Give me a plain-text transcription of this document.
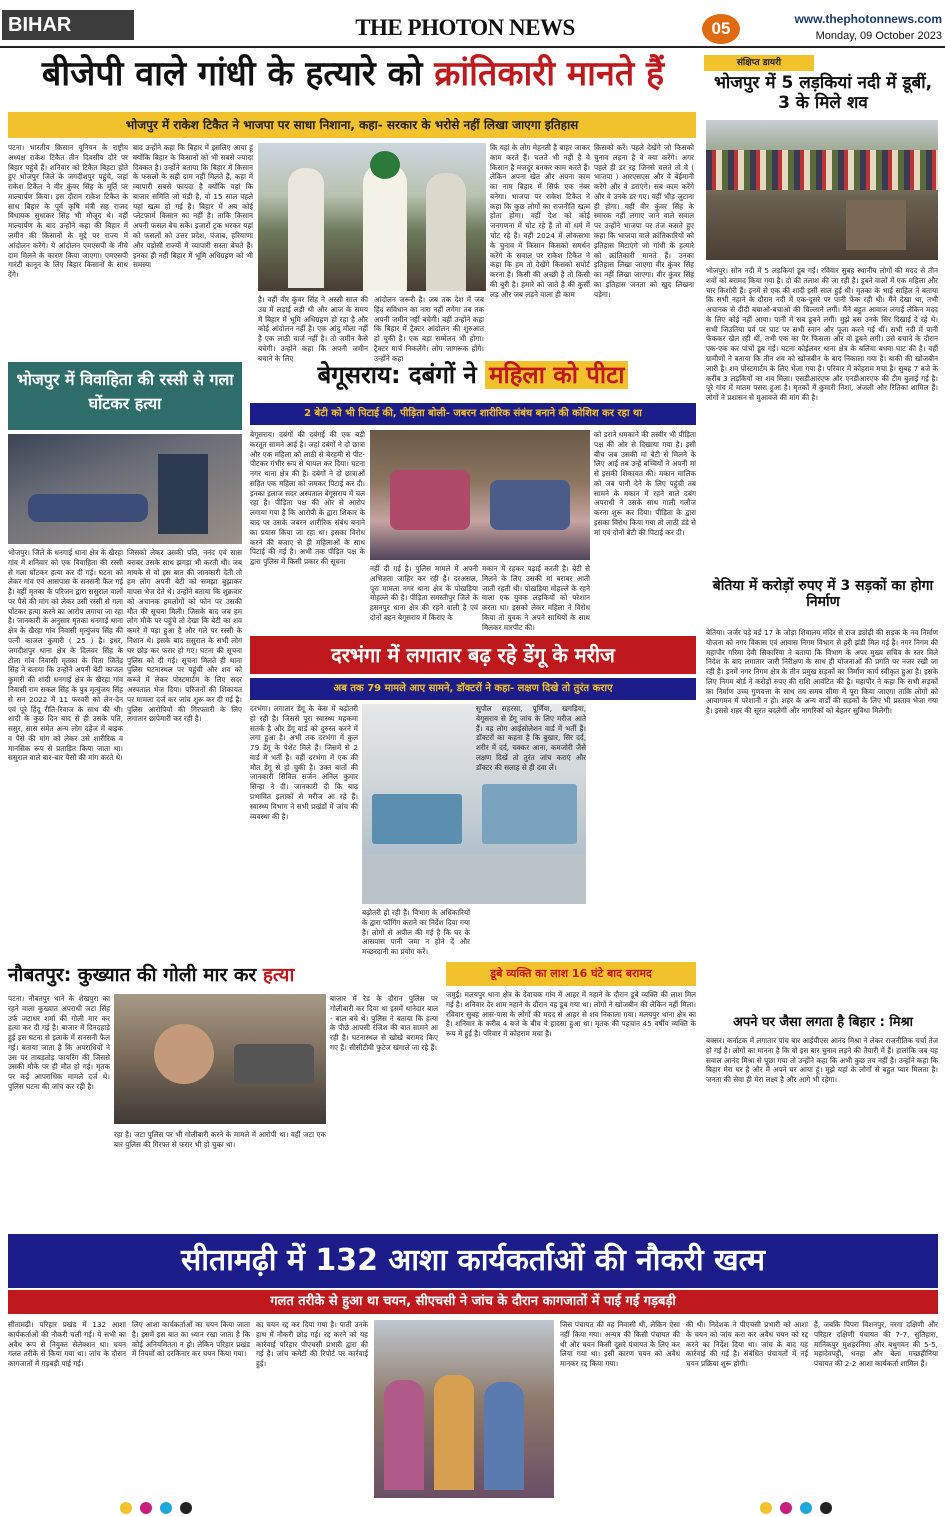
BIHAR	THE PHOTON NEWS	05	www.thephotonnews.com
Monday, 09 October 2023
बीजेपी वाले गांधी के हत्यारे को क्रांतिकारी मानते हैं
भोजपुर में राकेश टिकैत ने भाजपा पर साधा निशाना, कहा- सरकार के भरोसे नहीं लिखा जाएगा इतिहास
पटना। भारतीय किसान यूनियन के राष्ट्रीय अध्यक्ष राकेश टिकैत तीन दिवसीय दौरे पर बिहार पहुंचे हैं। शनिवार को टिकैत बिहटा होते हुए भोजपुर जिले के जगदीशपुर पहुंचे, जहां राकेश टिकैत ने वीर कुंवर सिंह के मूर्ति पर माल्यार्पण किया। इस दौरान राकेश टिकैत के साथ बिहार के पूर्व कृषि मंत्री सह राजद विधायक सुधाकर सिंह भी मौजूद थे। वहीं माल्यार्पण के बाद उन्होंने कहा की बिहार में जमीन की किसानों के मुद्दे पर राज्य में आंदोलन करेंगे। ये आंदोलन एमएसपी के नीचे दाम मिलने के कारण किया जाएगा। एमएसपी गारंटी कानून के लिए बिहार किसानों के साथ देंगे।
बाद उन्होंने कहा कि बिहार में इसलिए आया हूं क्योंकि बिहार के किसानों को भी सबसे ज्यादा दिक्कत है। उन्होंने बताया कि बिहार में किसान के फसलों के सही दाम नहीं मिलते हैं, कहा में व्यापारी सबसे फायदा है क्योंकि यहां कि बाजार समिति जो मंडी है, वो 15 साल पहले यहां खत्म हो गई है। बिहार में अब कोई प्लेटफार्म किसान का नहीं है। ताकि किसान अपनी फसल बेच सकें। इजारों ट्रक भरकर यहां को फसलों को उत्तर प्रदेश, पंजाब, हरियाणा और पड़ोसी राज्यों में व्यापारी सस्ता बेचते हैं। इनका ही नहीं बिहार में भूमि अधिग्रहण को भी समस्या
है। वहीं वीर कुंवर सिंह ने अस्सी साल की उम्र में लड़ाई लड़ी थी और आज के समय में बिहार में भूमि अधिग्रहण हो रहा है और कोई आंदोलन नहीं है। एक आंदु मौला नहीं है एक लाठी चार्ज नहीं है। तो जमीन कैसे बचेगी। उन्होंने कहा कि अपनी जमीन बचाने के लिए
आंदोलन जरूरी है। जब तक देश में जब हिंद सविधान का नारा नहीं लगेगा तब तक अपनी जमीन नहीं बचेगी। वहीं उन्होंने कहा कि बिहार में ट्रैक्टर आंदोलन की शुरुआत हो चुकी है। एक बड़ा सम्मेलन भी होगा। ट्रैक्टर मार्च निकलेंगे। लोग जागरूक होंगे। उन्होंने कहा
कि यहां के लोग मेहनती है बाहर जाकर काम करते हैं। चलते भी नहीं है वे किसान है मजदूर बनकर काम करते हैं। लेकिन अपना खेत और अपना काम का नाम बिहार में सिर्फ एक नंबर बनेगा। भाजपा पर राकेश टिकैत ने कहा कि कुछ लोगों का राजनीति खत्म होता होगा। वहीं देश को कोई जनगणना में चोट रहे हैं तो वो धर्म में चोट रहे हैं। वहीं 2024 में लोकसभा के चुनाव में किसान किसको समर्थन करेंगे के सवाल पर राकेश टिकैत ने कहा कि हम तो देखेंगे किसको सपोर्ट करना है। किसी की अच्छी है तो किसी की बुरी है। हमारे को जाते है की कुर्सी लड़ और जब लड़ने वाला ही काम
किसको करें। पहले देखेंगे जो किसको चुनाव लड़ना है वे क्या करेंगे। अगर पहले ही डर रह जिनसे चलते तो वे ( भाजपा ) आरएसएस और वे बेईमानी करेंगे और वे डराएंगे। सब काम करेंगे और वे उनके डर गए। वहीं भीड़ जुटाना ही होगा। वहीं वीर कुंवर सिंह के स्मारक नहीं लगाए जाने वाले सवाल पर उन्होंने भाजपा पर तंज कसते हुए कहा कि भाजपा वाले क्रांतिकारियों को इतिहास मिटाएंगे जो गांधी के हत्यारे को क्रांतिकारी मानते हैं। उनका इतिहास लिखा जाएगा वीर कुंवर सिंह का नहीं लिखा जाएगा। वीर कुंवर सिंह का इतिहास जनता को खुद लिखना पड़ेगा।
संक्षिप्त डायरी
भोजपुर में 5 लड़कियां नदी में डूबीं, 3 के मिले शव
भोजपुर। सोन नदी में 5 लड़कियां डूब गईं। रविवार सुबह स्थानीय लोगों की मदद से तीन शवों को बरामद किया गया है। दो की तलाश की जा रही है। डूबने वालों में एक महिला और चार किशोरी हैं। इनमें से एक की शादी इसी साल हुई थी। मृतका के भाई साहिल ने बताया कि सभी नहाने के दौरान नदी में एक-दूसरे पर पानी फेंक रही थी। मैंने देखा था, तभी अचानक से दीदी बचाओ-बचाओ की चिल्लाने लगीं। मैंने बहुत आवाज लगाई लेकिन मदद के लिए कोई नहीं आया। पानी में सब डूबने लगीं। मुझे बस उनके सिर दिखाई दे रहे थे। सभी जिउतिया पर्व पर घाट पर सभी स्नान और पूजा करने गई थीं। सभी नदी में पानी फेंककर खेल रही थीं, तभी एक का पैर फिसला और वो डूबने लगी। उसे बचाने के दौरान एक-एक कर पांचों डूब गईं। घटना कोईलवर थाना क्षेत्र के बलिया बधवा घाट की है। वहीं ग्रामीणों ने बताया कि तीन शव को खोजबीन के बाद निकाला गया है। बाकी की खोजबीन जारी है। शव पोस्टमार्टम के लिए भेजा गया है। परिवार में कोहराम मचा है। सुबह 7 बजे के करीब 3 लड़कियों का शव मिला। एसडीआरएफ और एनडीआरएफ की टीम बुलाई गई है। पूरे गांव में मातम पसरा हुआ है। मृतकों में कुमारी निशा, अंजली और रितिका शामिल हैं। लोगों ने प्रशासन से मुआवजे की मांग की है।
बेतिया में करोड़ों रुपए में 3 सड़कों का होगा निर्माण
बेतिया। जर्जर पड़े वर्ड 17 के जोड़ा शिवालय मंदिर से राज ड्योढ़ी की सड़क के नव निर्माण योजना को नगर विकास एवं आवास निगम विभाग से हरी झंडी मिल गई है। नगर निगम की महापौर गरिमा देवी सिकारिया ने बताया कि विभाग के अपर मुख्य सचिव के स्तर मिले निदेश के बाद लगातार जारी निरीक्षण के साथ ही योजनाओं की प्रगति पर नजर रखी जा रही है। इनमें नगर निगम क्षेत्र के तीन प्रमुख सड़कों का निर्माण कार्य स्वीकृत हुआ है। इसके लिए निगम बोर्ड ने करोड़ों रुपए की राशि आवंटित की है। महापौर ने कहा कि सभी सड़कों का निर्माण उच्च गुणवत्ता के साथ तय समय सीमा में पूरा किया जाएगा ताकि लोगों को आवागमन में परेशानी न हो। शहर के अन्य वार्डों की सड़कों के लिए भी प्रस्ताव भेजा गया है। इससे शहर की सूरत बदलेगी और नागरिकों को बेहतर सुविधा मिलेगी।
अपने घर जैसा लगता है बिहार : मिश्रा
बक्सर। कर्नाटक में लगातार पांच बार आईपीएस आनंद मिश्रा ने लेकर राजनीतिक चर्चा तेज हो गई है। लोगों का मानना है कि वो इस बार चुनाव लड़ने की तैयारी में हैं। हालांकि जब यह सवाल आनंद मिश्रा से पूछा गया तो उन्होंने कहा कि अभी कुछ तय नहीं है। उन्होंने कहा कि बिहार मेरा घर है और मैं अपने घर आया हूं। मुझे यहां के लोगों से बहुत प्यार मिलता है। जनता की सेवा ही मेरा लक्ष्य है और आगे भी रहेगा।
भोजपुर में विवाहिता की रस्सी से गला घोंटकर हत्या
भोजपुर। जिले के धनगाई थाना क्षेत्र के खैरहा गांव में शनिवार को एक विवाहिता की रस्सी से गला घोंटकर हत्या कर दी गई। घटना को लेकर गांव एवं आसपास के सनसनी फैल गई है। वहीं मृतका के परिजन द्वारा ससुराल वालों पर पैसे की मांग को लेकर उसी रस्सी से गला घोंटकर हत्या करने का आरोप लगाया जा रहा है। जानकारी के अनुसार मृतका धनगाई थाना क्षेत्र के खैरहा गांव निवासी मृत्युंजय सिंह की पत्नी काजल कुमारी ( 25 ) है। इधर, जगदीशपुर थाना क्षेत्र के दिलवर सिंह के टोला गांव निवासी मृतका के पिता जितेंद्र सिंह ने बताया कि उन्होंने अपनी बेटी काजल कुमारी की शादी धनगाई क्षेत्र के खैरहा गांव निवासी राम सकल सिंह के पुत्र मृत्युंजय सिंह से सन 2022 में 11 फरवरी को लेन-देन एवं पूरे हिंदू रीति-रिवाज के साथ की थी। शादी के कुछ दिन बाद से ही उसके पति, ससुर, सास समेत अन्य लोग दहेज में बाइक व पैसे की मांग को लेकर उसे शारीरिक व मानसिक रूप से प्रताड़ित किया जाता था। ससुराल वाले बार-बार पैसों की मांग करते थे।
जिसको लेकर उसकी पति, ननंद एवं सास बराबर उसके साथ झगड़ा भी करती थी। जब मायके से वो इस बात की जानकारी देती तो हम लोग अपनी बेटी को समझा बुझाकर वापस भेज देते थे। उन्होंने बताया कि शुक्रवार को अचानक हमलोगों को फोन पर उसकी मौत की सूचना मिली। जिसके बाद जब हम लोग मौके पर पहुंचे तो देखा कि बेटी का शव कमरे में पड़ा हुआ है और गले पर रस्सी के निशान थे। इसके बाद ससुराल के सभी लोग घर छोड़ कर फरार हो गए। घटना की सूचना पुलिस को दी गई। सूचना मिलते ही थाना पुलिस घटनास्थल पर पहुंची और शव को कब्जे में लेकर पोस्टमार्टम के लिए सदर अस्पताल भेज दिया। परिजनों की शिकायत पर मामला दर्ज कर जांच शुरू कर दी गई है। पुलिस आरोपियों की गिरफ्तारी के लिए लगातार छापेमारी कर रही है।
बेगूसराय: दबंगों ने महिला को पीटा
2 बेटी को भी पिटाई की, पीड़िता बोली- जबरन शारीरिक संबंध बनाने की कोशिश कर रहा था
बेगूसराय। दबंगों की दबंगई की एक बड़ी करतूत सामने आई है। जहां दबंगों ने दो छात्रा और एक महिला को लाठी से बेरहमी से पीट-पीटकर गंभीर रूप से घायल कर दिया। घटना नगर थाना क्षेत्र की है। दबंगों ने दो छात्राओं सहित एक महिला को जमकर पिटाई कर दी। इनका इलाज सदर अस्पताल बेगूसराय में चल रहा है। पीड़िता पक्ष की ओर से आरोप लगाया गया है कि आरोपी के द्वारा शिकार के बाद पर उसके जबरन शारीरिक संबंध बनाने का प्रयास किया जा रहा था। इसका विरोध करने की बजाए से ही महिलाओं के साथ पिटाई की गई है। अभी तक पीड़ित पक्ष के द्वारा पुलिस में किसी प्रकार की सूचना
नहीं दी गई है। पुलिस मामले में अपनी अभिज्ञता जाहिर कर रही है। दरअसल, पूरा मामला नगर थाना क्षेत्र के पोखड़िया मोहल्ले की है। पीड़िता समस्तीपुर जिले के हसनपुर थाना क्षेत्र की रहने वाली है एवं दोनों बहन बेगूसराय में किराए के
मकान में रहकर पढ़ाई करती है। बेटी से मिलने के लिए उसकी मां बराबर आती जाती रहती थी। पोखड़िया मोहल्ले के रहने वाला एक युवक लड़कियों को परेशान करता था। इसको लेकर महिला ने विरोध किया तो युवक ने अपने साथियों के साथ मिलकर मारपीट की।
को डराने धमकाने की तस्वीर भी पीड़िता पक्ष की ओर से दिखाया गया है। इसी बीच जब उसकी मां बेटी से मिलने के लिए आई तब उन्हें बच्चियों ने अपनी मां से इसकी शिकायत की। मकान मालिक को जब पानी देने के लिए पहुंची तब सामने के मकान में रहने वाले दबंग अपराधी ने उसके साथ गाली गलौज करना शुरू कर दिया। पीड़िता के द्वारा इसका विरोध किया गया तो लाठी डंडे से मां एवं दोनों बेटी की पिटाई कर दी।
दरभंगा में लगातार बढ़ रहे डेंगू के मरीज
अब तक 79 मामले आए सामने, डॉक्टरों ने कहा- लक्षण दिखे तो तुरंत कराए
दरभंगा। लगातार डेंगू के केस में बढ़ोतरी हो रही है। जिससे पूरा स्वास्थ्य महकमा सतर्क है और डेंगू वार्ड को दुरुस्त करने में लगा हुआ है। अभी तक दरभंगा में कुल 79 डेंगू के पेशेंट मिले हैं। जिसमें से 2 वार्ड में भर्ती है। वहीं दरभंगा में एक की मौत डेंगू से हो चुकी है। उक्त बातों की जानकारी सिविल सर्जन अनिल कुमार सिन्हा ने दी। जानकारी दी कि बाढ़ प्रभावित इलाकों से मरीज आ रहे हैं। स्वास्थ्य विभाग ने सभी प्रखंडों में जांच की व्यवस्था की है।
बढ़ोतरी हो रही है। विभाग के अधिकारियों के द्वारा फॉगिंग कराने का निर्देश दिया गया है। लोगों से अपील की गई है कि घर के आसपास पानी जमा न होने दें और मच्छरदानी का प्रयोग करें।
सुपौल सहरसा, पूर्णिया, खगड़िया, बेगूसराय से डेंगू जांच के लिए मरीज आते हैं। वह लोग आईसोलेशन वार्ड में भर्ती हैं। डॉक्टरों का कहना है कि बुखार, सिर दर्द, शरीर में दर्द, चक्कर आना, कमजोरी जैसे लक्षण दिखें तो तुरंत जांच कराएं और डॉक्टर की सलाह से ही दवा लें।
नौबतपुर: कुख्यात की गोली मार कर हत्या
पटना। नौबतपुर थाने के शेखपुरा का रहने वाला कुख्यात अपराधी जटा सिंह उर्फ जटाधर शर्मा की गोली मार कर हत्या कर दी गई है। बाजार में दिनदहाड़े हुई इस घटना से इलाके में सनसनी फैल गई। बताया जाता है कि अपराधियों ने उस पर ताबड़तोड़ फायरिंग की जिससे उसकी मौके पर ही मौत हो गई। मृतक पर कई आपराधिक मामले दर्ज थे। पुलिस घटना की जांच कर रही है।
बाजार में रेड के दौरान पुलिस पर गोलीबारी कर दिया था इसमें थानेदार बाल - बाल बचे थे। पुलिस ने बताया कि हत्या के पीछे आपसी रंजिश की बात सामने आ रही है। घटनास्थल से खोखे बरामद किए गए हैं। सीसीटीवी फुटेज खंगाले जा रहे हैं।
रहा है। जटा पुलिस पर भी गोलीबारी करने के मामले में आरोपी था। वहीं जटा एक बार पुलिस की गिरफ्त से फरार भी हो चुका था।
डूबे व्यक्ति का लाश 16 घंटे बाद बरामद
जमुई। मलयपुर थाना क्षेत्र के देवाचक गांव में आहर में नहाने के दौरान डूबे व्यक्ति की लाश मिल गई है। शनिवार देर शाम नहाने के दौरान वह डूब गया था। लोगों ने खोजबीन की लेकिन नहीं मिला। रविवार सुबह आस-पास के लोगों की मदद से आहर से शव निकाला गया। मलयपुर थाना क्षेत्र का है। शनिवार के करीब 4 बजे के बीच ये हादसा हुआ था। मृतक की पहचान 45 वर्षीय व्यक्ति के रूप में हुई है। परिवार में कोहराम मचा है।
सीतामढ़ी में 132 आशा कार्यकर्ताओं की नौकरी खत्म
गलत तरीके से हुआ था चयन, सीएचसी ने जांच के दौरान कागजातों में पाई गई गड़बड़ी
सीतामढ़ी। परिहार प्रखंड में 132 आशा कार्यकर्ताओं की नौकरी चली गई। ये सभी का अवैध रूप से नियुक्त सेलेक्शन था। चयन गलत तरीके से किया गया था। जांच के दौरान कागजातों में गड़बड़ी पाई गई।
लिए आशा कार्यकर्ताओं का चयन किया जाता है। इसमें इस बात का ध्यान रखा जाता है कि कोई अनियमितता न हो। लेकिन परिहार प्रखंड में नियमों को दरकिनार कर चयन किया गया।
का चयन रद्द कर दिया गया है। पाती उनके हाथ में नौकरी छोड़ गई। रद्द करने को यह कार्रवाई परिहार पीएचसी प्रभारी द्वारा की गई है। जांच कमेटी की रिपोर्ट पर कार्रवाई हुई।
जिस पंचायत की वह निवासी थी, लेकिन ऐसा नहीं किया गया। अन्यत्र की किसी पंचायत की थी और चयन किसी दूसरे पंचायत के लिए कर लिया गया था। इसी कारण चयन को अवैध मानकर रद्द किया गया।
की थी। निदेशक ने पीएचसी प्रभारी को आशा के चयन को जांच करा कर अवैध चयन को रद्द करने का निर्देश दिया था। जांच के बाद यह कार्रवाई की गई है। संबंधित पंचायतों में नई चयन प्रक्रिया शुरू होगी।
हैं, जबकि पिपरा विशनपुर, नरगा दक्षिणी और परिहार दक्षिणी पंचायत की 7-7, सुतिहारा, मानिकपुर मुशहरनिया और बथुगवन की 5-5, महादेवपट्टी, धनहा और बेला मच्छहीनिया पंचायत की 2-2 आशा कार्यकर्ता शामिल हैं।
